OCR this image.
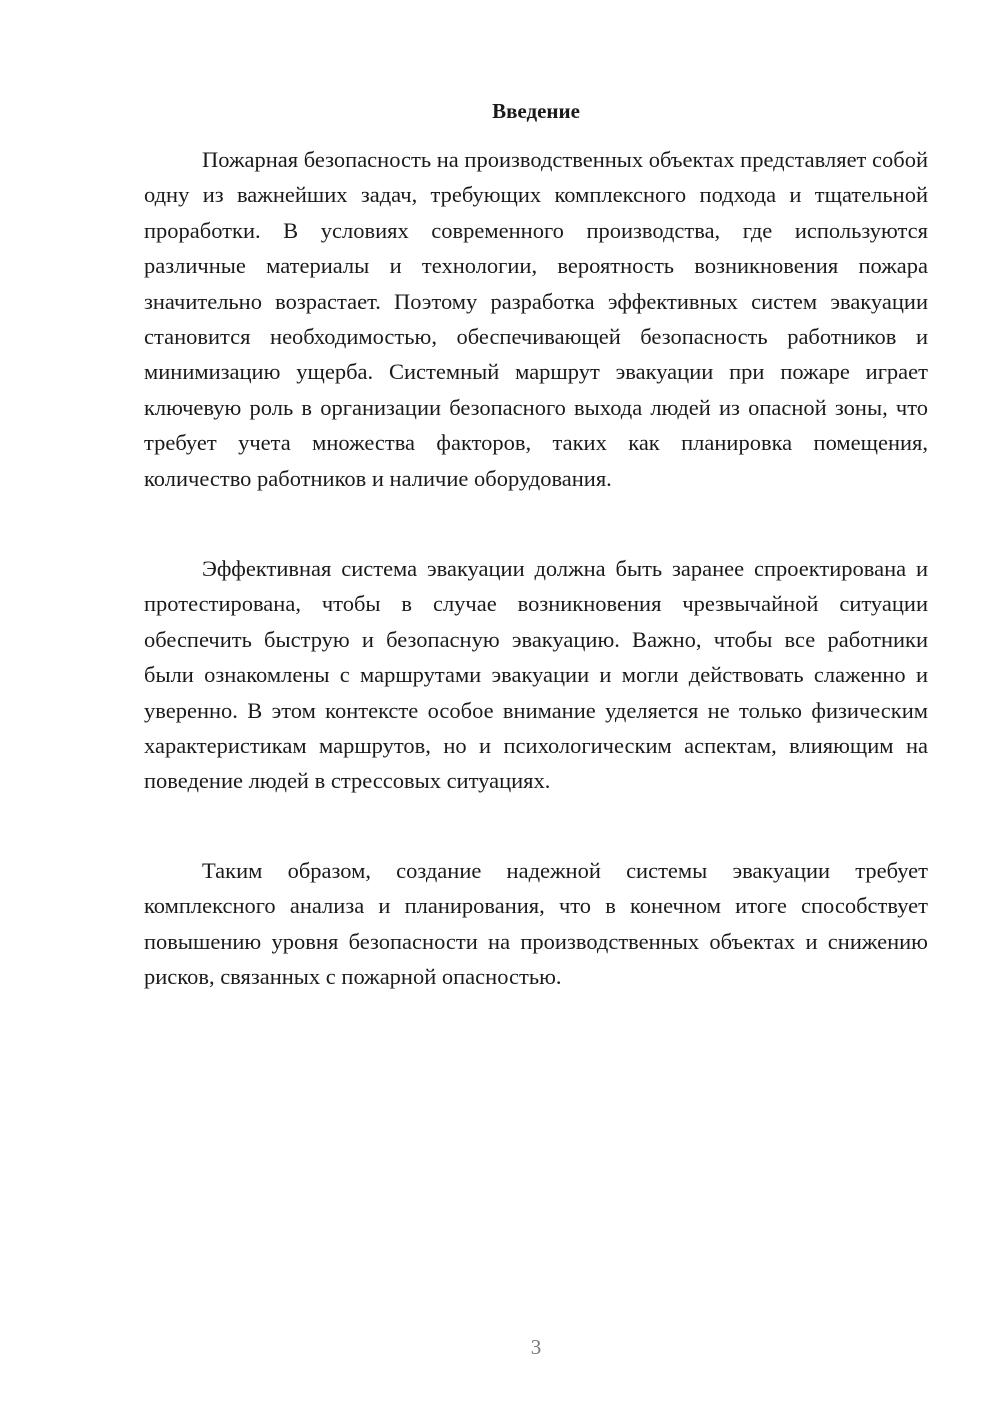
Введение

Пожарная безопасность на производственных объектах представляет собой одну из важнейших задач, требующих комплексного подхода и тщательной проработки. В условиях современного производства, где используются различные материалы и технологии, вероятность возникновения пожара значительно возрастает. Поэтому разработка эффективных систем эвакуации становится необходимостью, обеспечивающей безопасность работников и минимизацию ущерба. Системный маршрут эвакуации при пожаре играет ключевую роль в организации безопасного выхода людей из опасной зоны, что требует учета множества факторов, таких как планировка помещения, количество работников и наличие оборудования.

Эффективная система эвакуации должна быть заранее спроектирована и протестирована, чтобы в случае возникновения чрезвычайной ситуации обеспечить быструю и безопасную эвакуацию. Важно, чтобы все работники были ознакомлены с маршрутами эвакуации и могли действовать слаженно и уверенно. В этом контексте особое внимание уделяется не только физическим характеристикам маршрутов, но и психологическим аспектам, влияющим на поведение людей в стрессовых ситуациях.

Таким образом, создание надежной системы эвакуации требует комплексного анализа и планирования, что в конечном итоге способствует повышению уровня безопасности на производственных объектах и снижению рисков, связанных с пожарной опасностью.

3
